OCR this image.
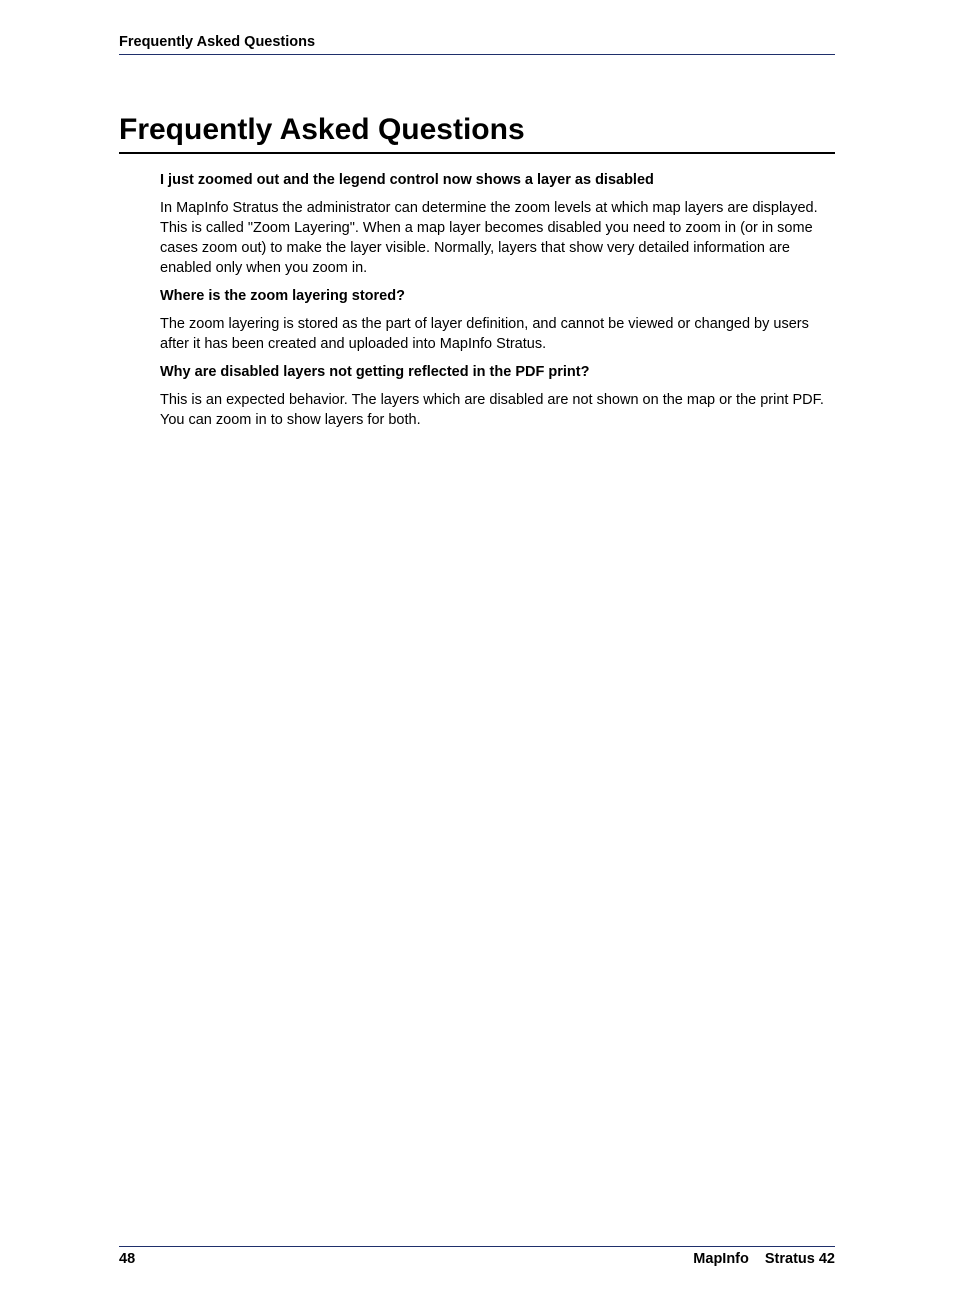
Frequently Asked Questions
Frequently Asked Questions

I just zoomed out and the legend control now shows a layer as disabled

In MapInfo Stratus the administrator can determine the zoom levels at which map layers are displayed.
This is called "Zoom Layering". When a map layer becomes disabled you need to zoom in (or in some
cases zoom out) to make the layer visible. Normally, layers that show very detailed information are
enabled only when you zoom in.

Where is the zoom layering stored?

The zoom layering is stored as the part of layer definition, and cannot be viewed or changed by users
after it has been created and uploaded into MapInfo Stratus.

Why are disabled layers not getting reflected in the PDF print?

This is an expected behavior. The layers which are disabled are not shown on the map or the print PDF.
You can zoom in to show layers for both.

48	MapInfo Stratus 42
